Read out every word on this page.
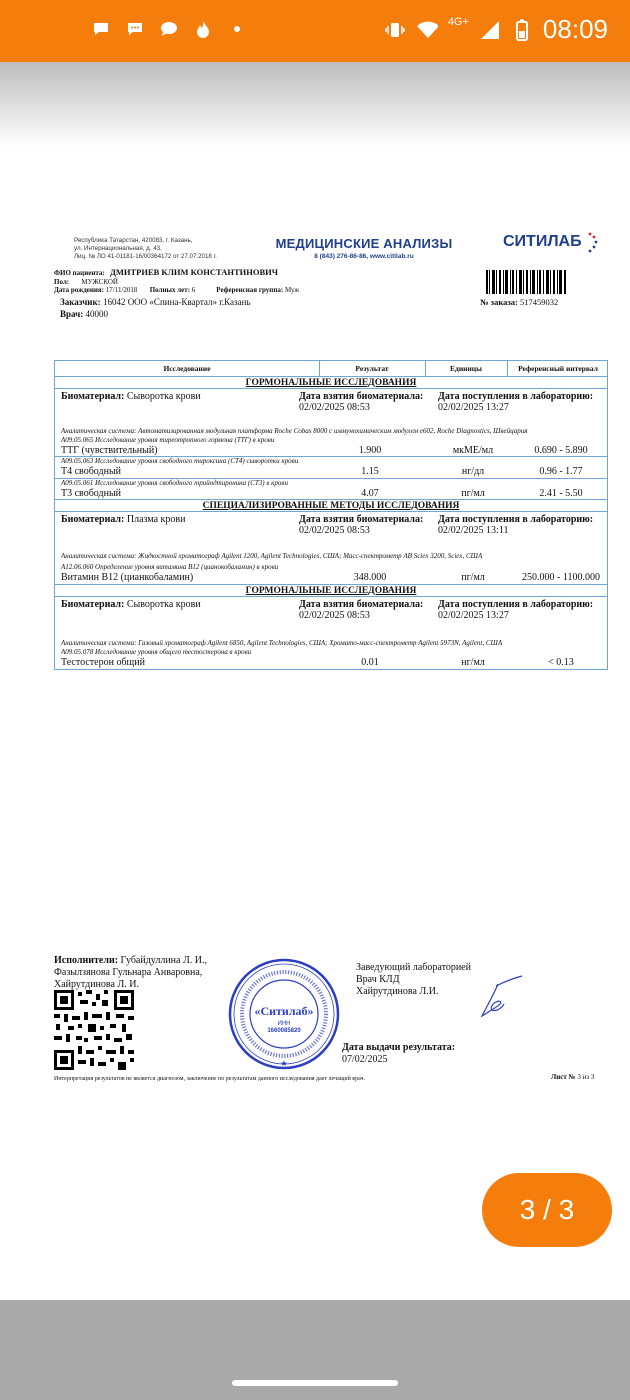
4G+	08:09
Республика Татарстан, 420083, г. Казань,
ул. Интернациональная, д. 43,
Лиц. № ЛО 41-01181-16/00364172 от 27.07.2018 г.
МЕДИЦИНСКИЕ АНАЛИЗЫ
8 (843) 276-86-86, www.citilab.ru
СИТИЛАБ
ФИО пациента: ДМИТРИЕВ КЛИМ КОНСТАНТИНОВИЧ
Пол: МУЖСКОЙ
Дата рождения: 17/11/2018 Полных лет: 6	Референсная группа: Муж
Заказчик: 16042 ООО «Спина-Квартал» г.Казань
Врач: 40000
№ заказа: 517459032
Исследование	Результат	Единицы	Референсный интервал
ГОРМОНАЛЬНЫЕ ИССЛЕДОВАНИЯ
Биоматериал: Сыворотка крови	Дата взятия биоматериала:
02/02/2025 08:53
Дата поступления в лабораторию:
02/02/2025 13:27
Аналитическая система: Автоматизированная модульная платформа Roche Cobas 8000 с иммунохимическим модулем e602, Roche Diagnostics, Швейцария
А09.05.065 Исследование уровня тиреотропного гормона (ТТГ) в крови
ТТГ (чувствительный)	1.900	мкМЕ/мл	0.690 - 5.890
А09.05.063 Исследование уровня свободного тироксина (СТ4) сыворотки крови
Т4 свободный	1.15	нг/дл	0.96 - 1.77
А09.05.061 Исследование уровня свободного трийодтиронина (СТ3) в крови
Т3 свободный	4.07	пг/мл	2.41 - 5.50
СПЕЦИАЛИЗИРОВАННЫЕ МЕТОДЫ ИССЛЕДОВАНИЯ
Биоматериал: Плазма крови	Дата взятия биоматериала:
02/02/2025 08:53
Дата поступления в лабораторию:
02/02/2025 13:11
Аналитическая система: Жидкостной хроматограф Agilent 1200, Agilent Technologies, США; Масс-спектрометр AB Sciex 3200, Sciex, США
А12.06.060 Определение уровня витамина В12 (цианокобаламин) в крови
Витамин В12 (цианкобаламин)	348.000	пг/мл	250.000 - 1100.000
ГОРМОНАЛЬНЫЕ ИССЛЕДОВАНИЯ
Биоматериал: Сыворотка крови	Дата взятия биоматериала:
02/02/2025 08:53
Дата поступления в лабораторию:
02/02/2025 13:27
Аналитическая система: Газовый хроматограф Agilent 6850, Agilent Technologies, США; Хромато-масс-спектрометр Agilent 5973N, Agilent, США
А09.05.078 Исследование уровня общего тестостерона в крови
Тестостерон общий	0.01	нг/мл	< 0.13
Исполнители: Губайдуллина Л. И., Фазылзянова Гульнара Анваровна, Хайрутдинова Л. И.
★
«Ситилаб»
ИНН
1660085820
Заведующий лабораторией
Врач КЛД
Хайрутдинова Л.И.
Дата выдачи результата:
07/02/2025
Интерпретация результатов не является диагнозом, заключение по результатам данного исследования дает лечащий врач.	Лист № 3 из 3
3 / 3
